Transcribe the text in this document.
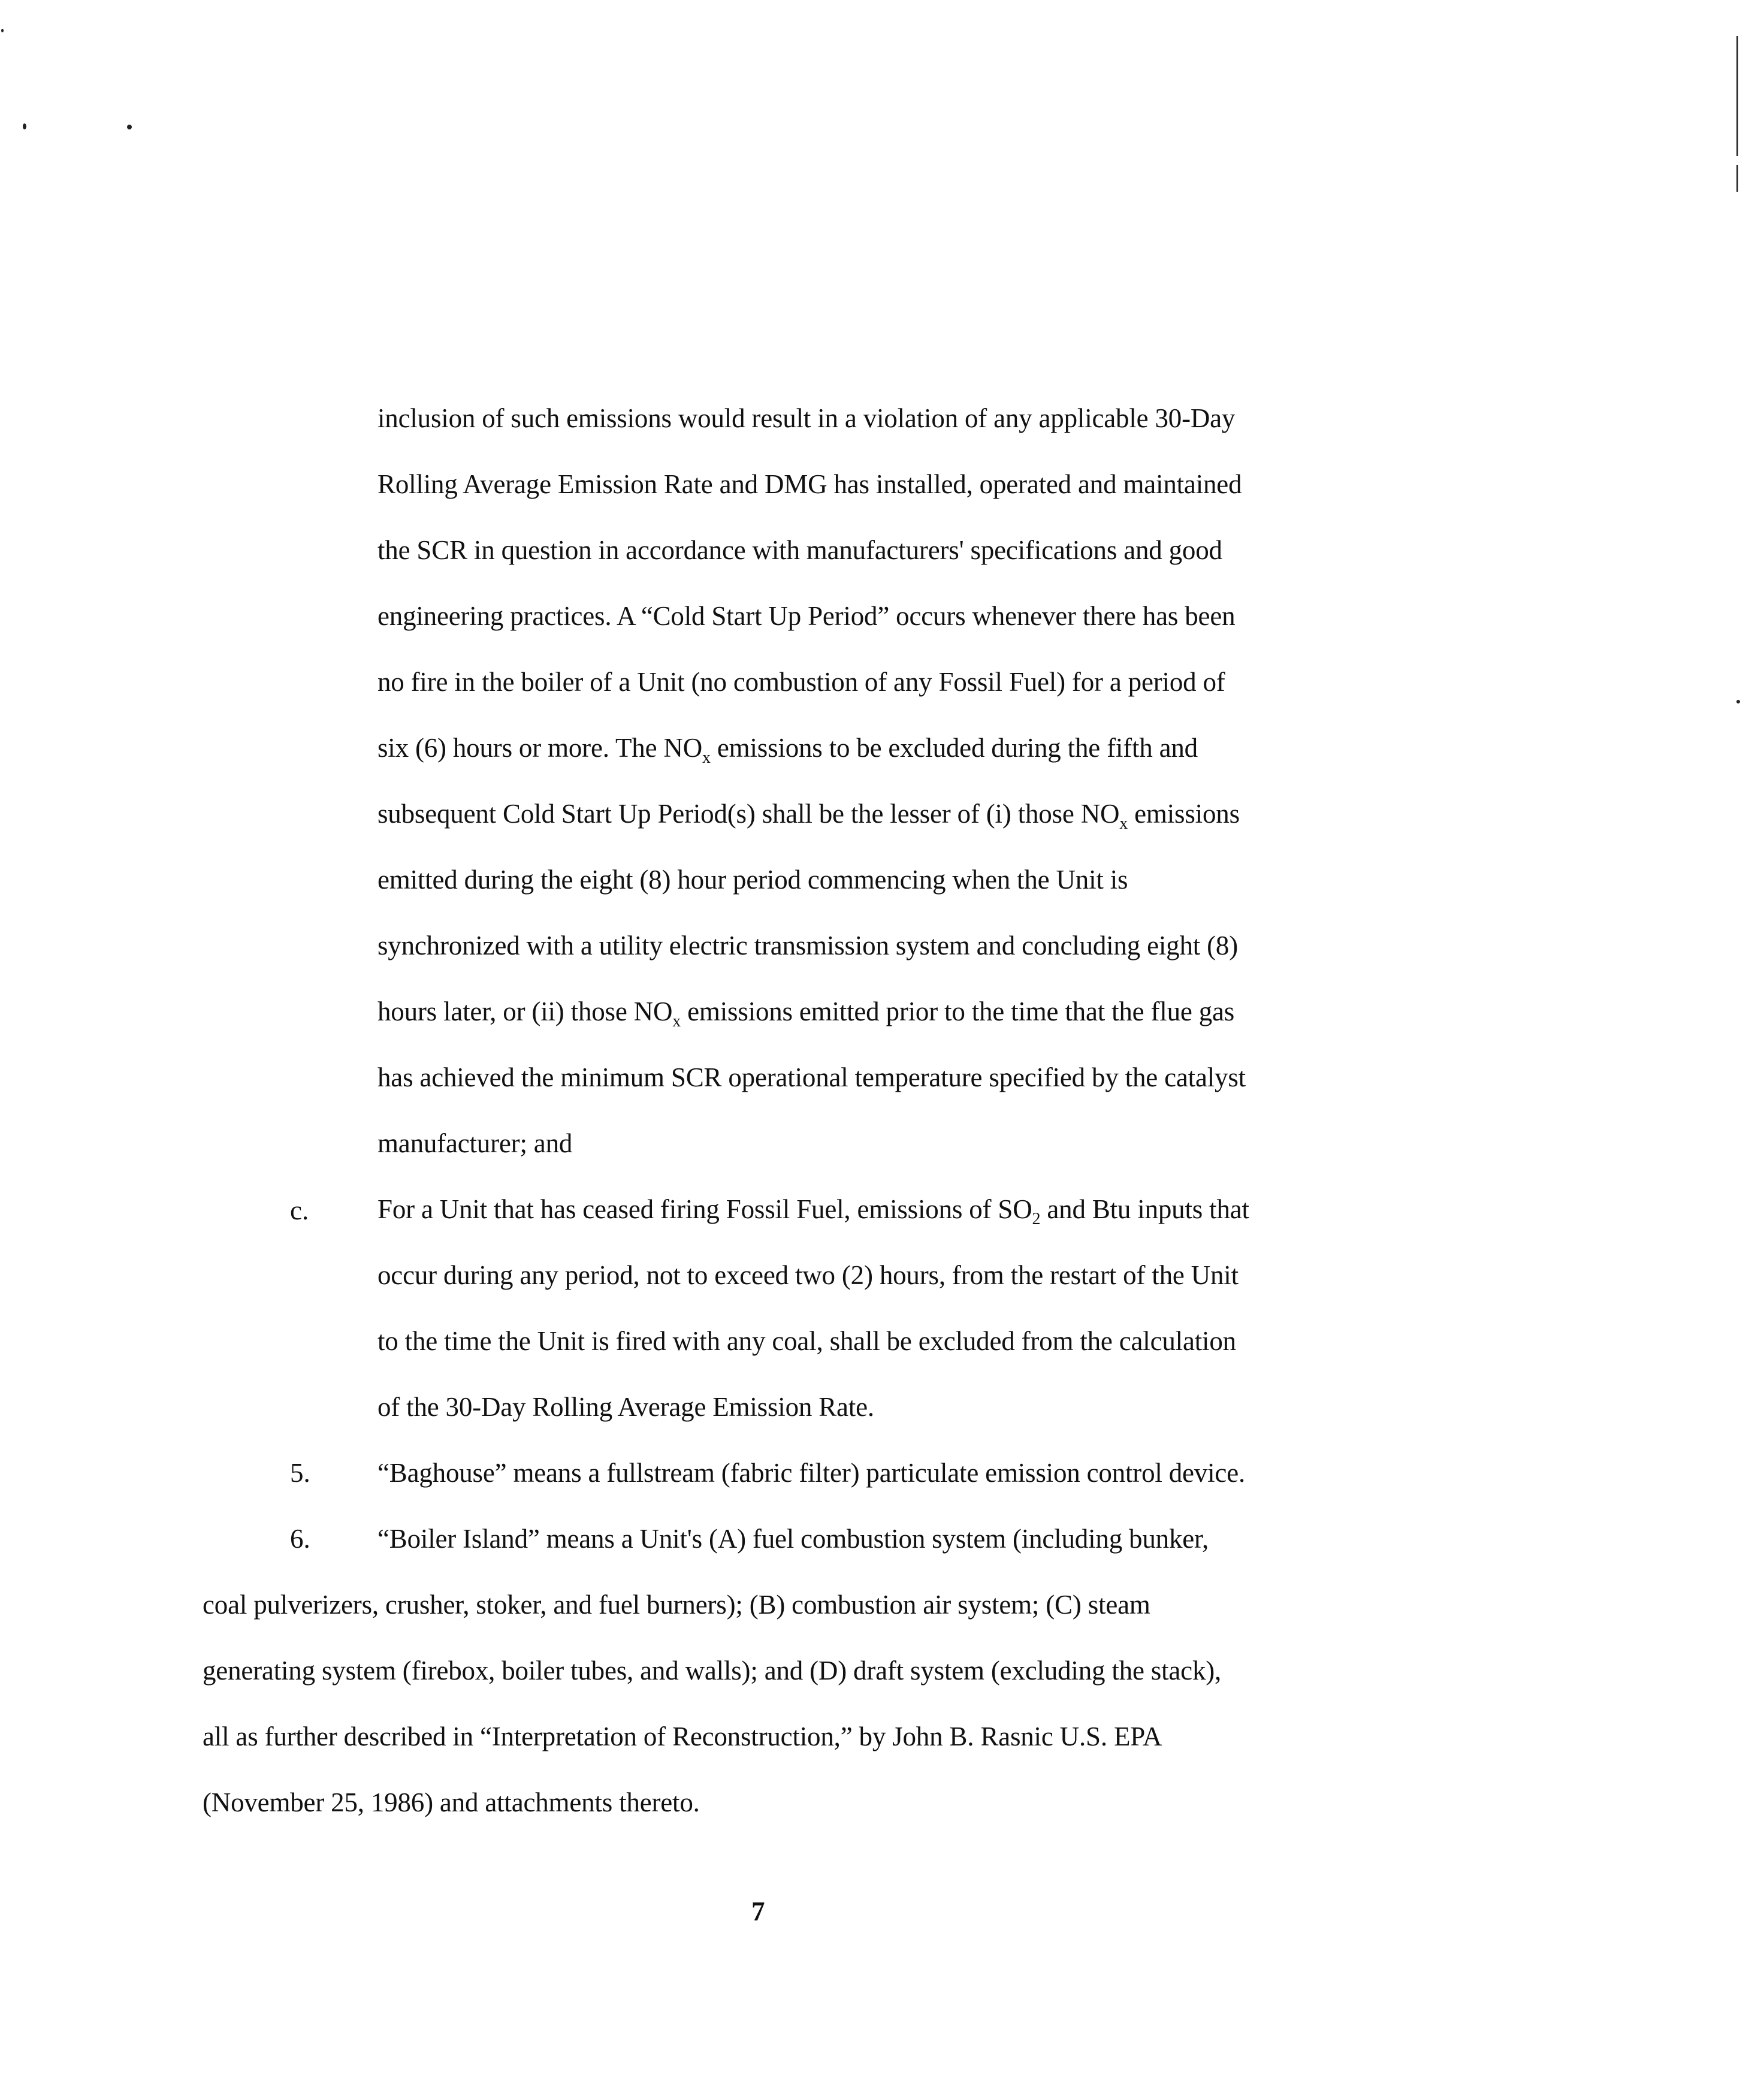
inclusion of such emissions would result in a violation of any applicable 30-Day
Rolling Average Emission Rate and DMG has installed, operated and maintained
the SCR in question in accordance with manufacturers' specifications and good
engineering practices. A “Cold Start Up Period” occurs whenever there has been
no fire in the boiler of a Unit (no combustion of any Fossil Fuel) for a period of
six (6) hours or more. The $NO_x$ emissions to be excluded during the fifth and
subsequent Cold Start Up Period(s) shall be the lesser of (i) those $NO_x$ emissions
emitted during the eight (8) hour period commencing when the Unit is
synchronized with a utility electric transmission system and concluding eight (8)
hours later, or (ii) those $NO_x$ emissions emitted prior to the time that the flue gas
has achieved the minimum SCR operational temperature specified by the catalyst
manufacturer; and
c.	For a Unit that has ceased firing Fossil Fuel, emissions of $SO_2$ and Btu inputs that
occur during any period, not to exceed two (2) hours, from the restart of the Unit
to the time the Unit is fired with any coal, shall be excluded from the calculation
of the 30-Day Rolling Average Emission Rate.
5. “Baghouse” means a fullstream (fabric filter) particulate emission control device.
6. “Boiler Island” means a Unit's (A) fuel combustion system (including bunker,
coal pulverizers, crusher, stoker, and fuel burners); (B) combustion air system; (C) steam
generating system (firebox, boiler tubes, and walls); and (D) draft system (excluding the stack),
all as further described in “Interpretation of Reconstruction,” by John B. Rasnic U.S. EPA
(November 25, 1986) and attachments thereto.
7
